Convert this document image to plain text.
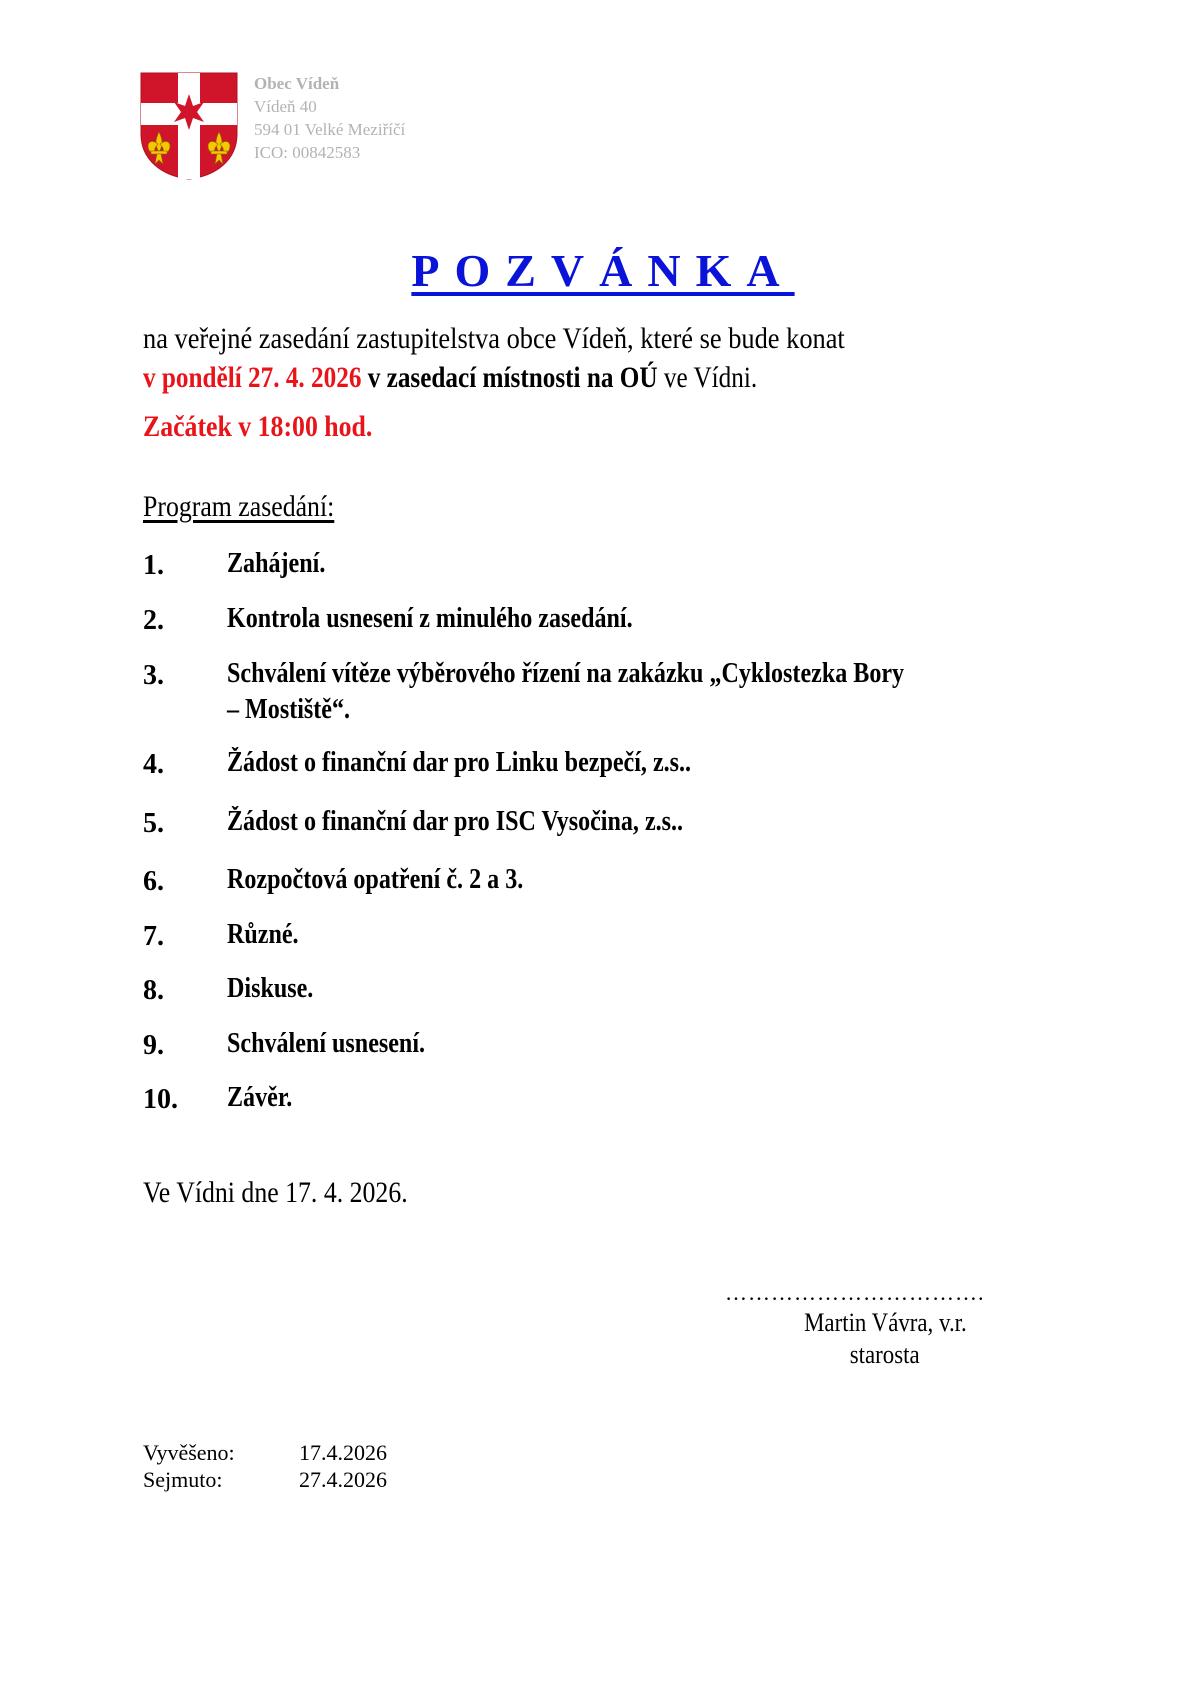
Obec Vídeň
Vídeň 40
594 01 Velké Meziříčí
ICO: 00842583
POZVÁNKA
na veřejné zasedání zastupitelstva obce Vídeň, které se bude konat
v pondělí 27. 4. 2026 v zasedací místnosti na OÚ ve Vídni.
Začátek v 18:00 hod.
Program zasedání:
1. Zahájení.
2. Kontrola usnesení z minulého zasedání.
3. Schválení vítěze výběrového řízení na zakázku „Cyklostezka Bory
– Mostiště“.
4. Žádost o finanční dar pro Linku bezpečí, z.s..
5. Žádost o finanční dar pro ISC Vysočina, z.s..
6. Rozpočtová opatření č. 2 a 3.
7. Různé.
8. Diskuse.
9. Schválení usnesení.
10. Závěr.
Ve Vídni dne 17. 4. 2026.
…………………………….
Martin Vávra, v.r.
starosta
Vyvěšeno:	17.4.2026
Sejmuto:	27.4.2026
